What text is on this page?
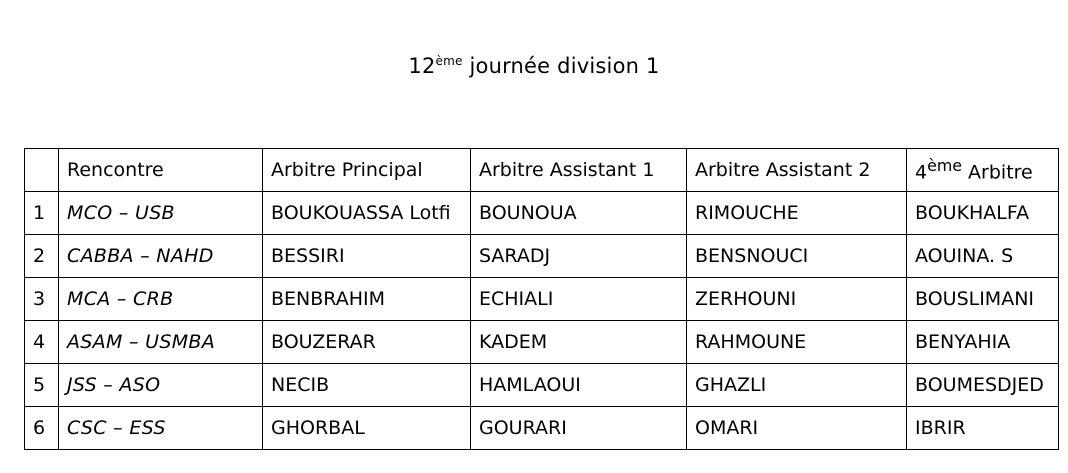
12ème journée division 1
	Rencontre	Arbitre Principal	Arbitre Assistant 1	Arbitre Assistant 2	4ème Arbitre
1	MCO – USB	BOUKOUASSA Lotfi	BOUNOUA	RIMOUCHE	BOUKHALFA
2	CABBA – NAHD	BESSIRI	SARADJ	BENSNOUCI	AOUINA. S
3	MCA – CRB	BENBRAHIM	ECHIALI	ZERHOUNI	BOUSLIMANI
4	ASAM – USMBA	BOUZERAR	KADEM	RAHMOUNE	BENYAHIA
5	JSS – ASO	NECIB	HAMLAOUI	GHAZLI	BOUMESDJED
6	CSC – ESS	GHORBAL	GOURARI	OMARI	IBRIR
